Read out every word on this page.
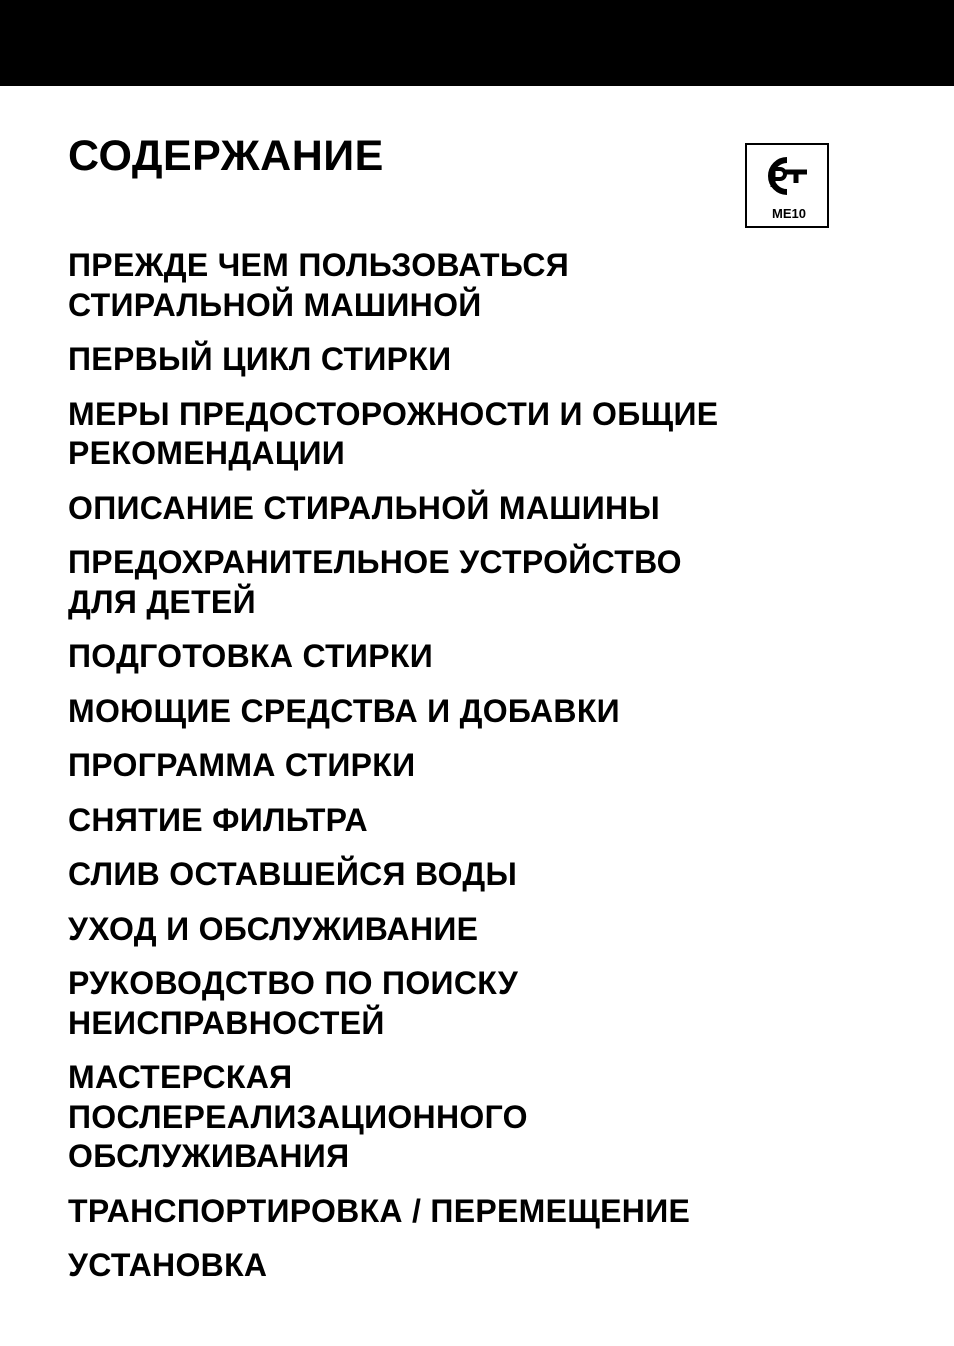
СОДЕРЖАНИЕ
МЕ10
ПРЕЖДЕ ЧЕМ ПОЛЬЗОВАТЬСЯ
СТИРАЛЬНОЙ МАШИНОЙ
ПЕРВЫЙ ЦИКЛ СТИРКИ
МЕРЫ ПРЕДОСТОРОЖНОСТИ И ОБЩИЕ
РЕКОМЕНДАЦИИ
ОПИСАНИЕ СТИРАЛЬНОЙ МАШИНЫ
ПРЕДОХРАНИТЕЛЬНОЕ УСТРОЙСТВО
ДЛЯ ДЕТЕЙ
ПОДГОТОВКА СТИРКИ
МОЮЩИЕ СРЕДСТВА И ДОБАВКИ
ПРОГРАММА СТИРКИ
СНЯТИЕ ФИЛЬТРА
СЛИВ ОСТАВШЕЙСЯ ВОДЫ
УХОД И ОБСЛУЖИВАНИЕ
РУКОВОДСТВО ПО ПОИСКУ
НЕИСПРАВНОСТЕЙ
МАСТЕРСКАЯ
ПОСЛЕРЕАЛИЗАЦИОННОГО
ОБСЛУЖИВАНИЯ
ТРАНСПОРТИРОВКА / ПЕРЕМЕЩЕНИЕ
УСТАНОВКА
